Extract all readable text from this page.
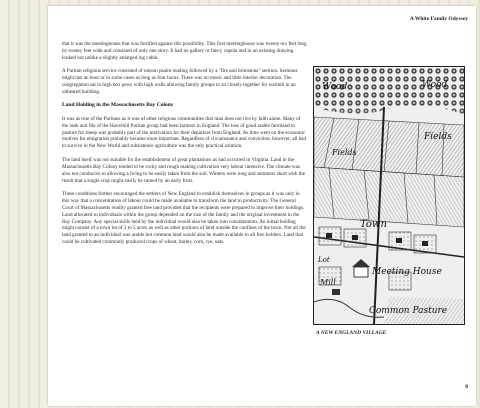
A White Family Odyssey

that it was the meetinghouse that was fortified against this possibility. This first meetinghouse was twenty-six feet long by twenty feet wide and consisted of only one story. It had no gallery or fancy cupola and in an existing drawing looked not unlike a slightly enlarged log cabin.

A Puritan religious service consisted of unison psalm reading followed by a "fire and brimstone" sermon. Sermons might last an hour or in some cases as long as four hours. There was no music and little interior decoration. The congregation sat in high box pews with high walls allowing family groups to sit closely together for warmth in an unheated building.

Land Holding in the Massachusetts Bay Colony

It was as true of the Puritans as it was of other religious communities that man does not live by faith alone. Many of the rank and file of the Haverhill Puritan group had been farmers in England. The loss of good arable farmland to pasture for sheep was probably part of the motivation for their departure from England. As time went on the economic motives for emigration probably became more important. Regardless of circumstance and conviction, however, all had to survive in the New World and subsistence agriculture was the only practical solution.

The land itself was not suitable for the establishment of great plantations as had occurred in Virginia. Land in the Massachusetts Bay Colony tended to be rocky and rough making cultivation very labour intensive. The climate was also not conducive to allowing a living to be easily taken from the soil. Winters were long and summers short with the result that a single crop might easily be ruined by an early frost.

These conditions further encouraged the settlers of New England to establish themselves in groups as it was only in this way that a concentration of labour could be made available to transform the land to productivity. The General Court of Massachusetts readily granted free land provided that the recipients were prepared to improve their holdings. Land allocated to individuals within the group depended on the size of the family and the original investment in the Bay Company. Any special skills held by the individual would also be taken into consideration. An initial holding might consist of a town lot of 3 to 5 acres as well as other portions of land outside the confines of the town. Not all the land granted to an individual was arable but common land would also be made available to all free holders. Land that could be cultivated commonly produced crops of wheat, barley, corn, rye, oats,

Wood	Wood
Fields
Fields
Town
Lot
Meeting House
Mill
Common Pasture
A NEW ENGLAND VILLAGE
8
